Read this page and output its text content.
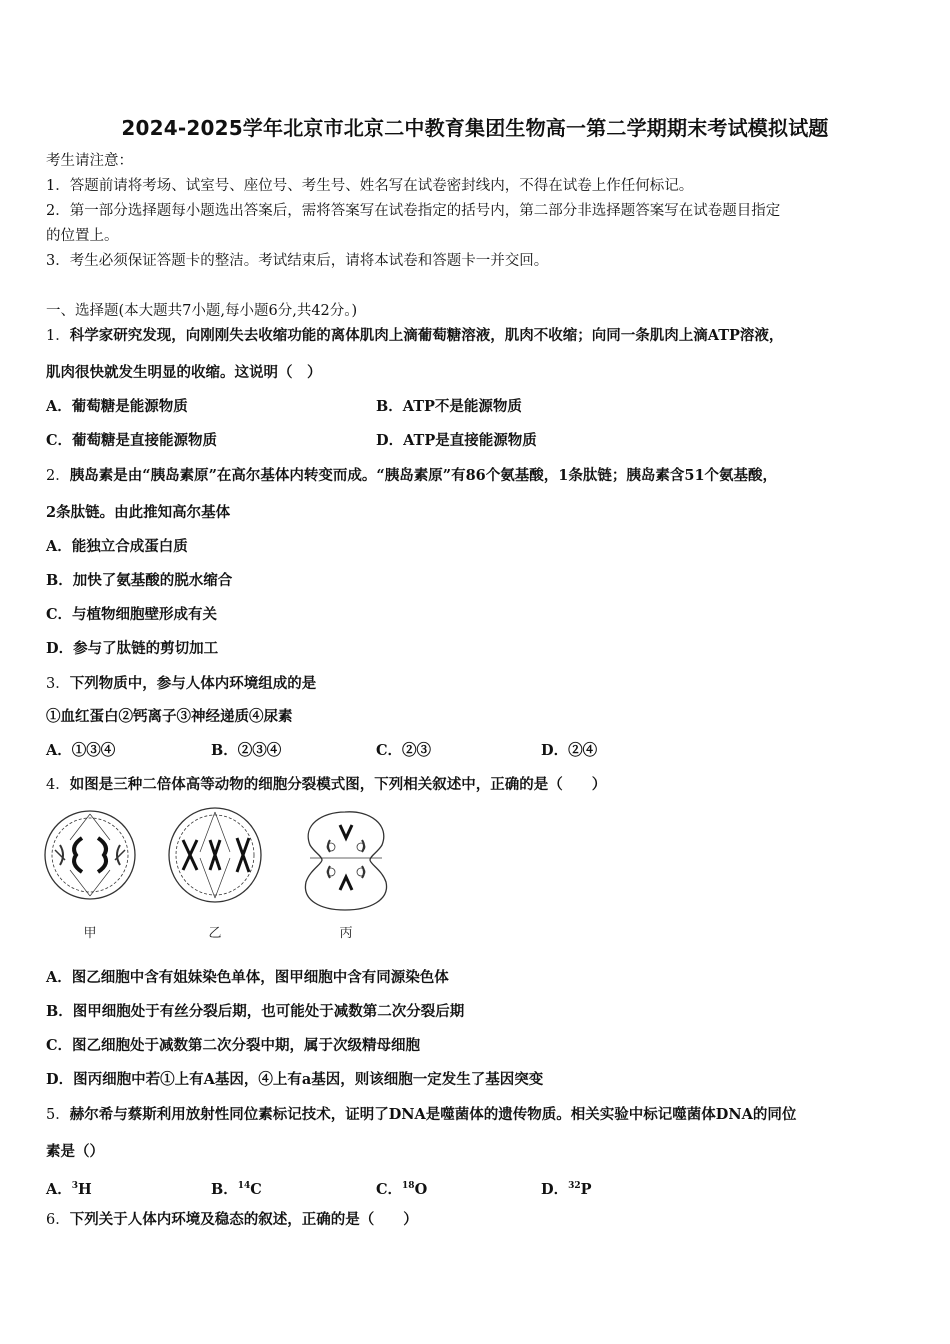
2024-2025学年北京市北京二中教育集团生物高一第二学期期末考试模拟试题
考生请注意：
1．答题前请将考场、试室号、座位号、考生号、姓名写在试卷密封线内，不得在试卷上作任何标记。
2．第一部分选择题每小题选出答案后，需将答案写在试卷指定的括号内，第二部分非选择题答案写在试卷题目指定
的位置上。
3．考生必须保证答题卡的整洁。考试结束后，请将本试卷和答题卡一并交回。
一、选择题(本大题共7小题,每小题6分,共42分。)
1．科学家研究发现，向刚刚失去收缩功能的离体肌肉上滴葡萄糖溶液，肌肉不收缩；向同一条肌肉上滴ATP溶液，
肌肉很快就发生明显的收缩。这说明（　）
A．葡萄糖是能源物质	B．ATP不是能源物质
C．葡萄糖是直接能源物质	D．ATP是直接能源物质
2．胰岛素是由“胰岛素原”在高尔基体内转变而成。“胰岛素原”有86个氨基酸，1条肽链；胰岛素含51个氨基酸，
2条肽链。由此推知高尔基体
A．能独立合成蛋白质
B．加快了氨基酸的脱水缩合
C．与植物细胞壁形成有关
D．参与了肽链的剪切加工
3．下列物质中，参与人体内环境组成的是
①血红蛋白②钙离子③神经递质④尿素
A．①③④	B．②③④	C．②③	D．②④
4．如图是三种二倍体高等动物的细胞分裂模式图，下列相关叙述中，正确的是（　　）
甲	乙	丙
A．图乙细胞中含有姐妹染色单体，图甲细胞中含有同源染色体
B．图甲细胞处于有丝分裂后期，也可能处于减数第二次分裂后期
C．图乙细胞处于减数第二次分裂中期，属于次级精母细胞
D．图丙细胞中若①上有A基因，④上有a基因，则该细胞一定发生了基因突变
5．赫尔希与蔡斯利用放射性同位素标记技术，证明了DNA是噬菌体的遗传物质。相关实验中标记噬菌体DNA的同位
素是（）
A．$^3$H	B．$^{14}$C	C．$^{18}$O	D．$^{32}$P
6．下列关于人体内环境及稳态的叙述，正确的是（　　）
